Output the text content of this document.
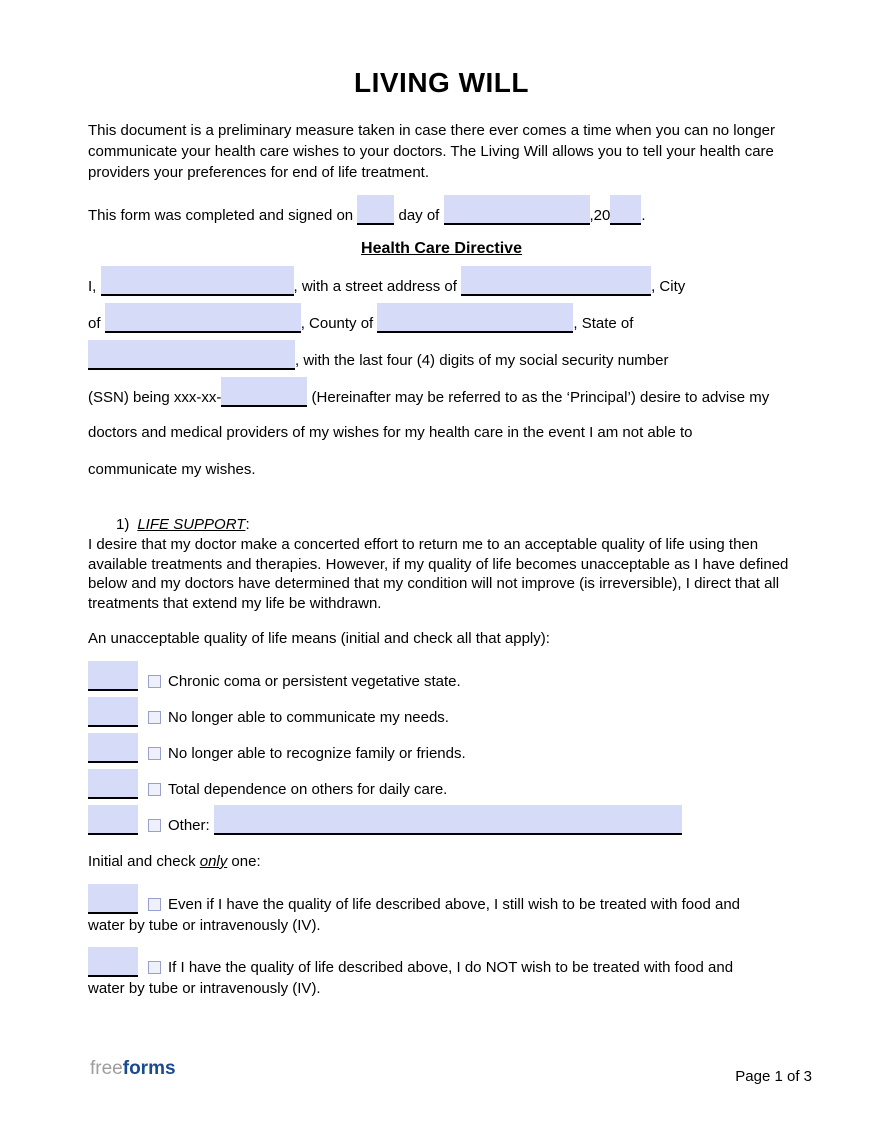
LIVING WILL

This document is a preliminary measure taken in case there ever comes a time when you can no longer communicate your health care wishes to your doctors. The Living Will allows you to tell your health care providers your preferences for end of life treatment.

This form was completed and signed on  day of	,20 .
Health Care Directive
I,	, with a street address of	, City
of	, County of	, State of
, with the last four (4) digits of my social security number
(SSN) being xxx-xx-	(Hereinafter may be referred to as the ‘Principal’) desire to advise my
doctors and medical providers of my wishes for my health care in the event I am not able to
communicate my wishes.
1) LIFE SUPPORT:

I desire that my doctor make a concerted effort to return me to an acceptable quality of life using then available treatments and therapies. However, if my quality of life becomes unacceptable as I have defined below and my doctors have determined that my condition will not improve (is irreversible), I direct that all treatments that extend my life be withdrawn.

An unacceptable quality of life means (initial and check all that apply):

Chronic coma or persistent vegetative state.
No longer able to communicate my needs.
No longer able to recognize family or friends.
Total dependence on others for daily care.
Other:

Initial and check only one:

Even if I have the quality of life described above, I still wish to be treated with food and
water by tube or intravenously (IV).
If I have the quality of life described above, I do NOT wish to be treated with food and
water by tube or intravenously (IV).
freeforms	Page 1 of 3
